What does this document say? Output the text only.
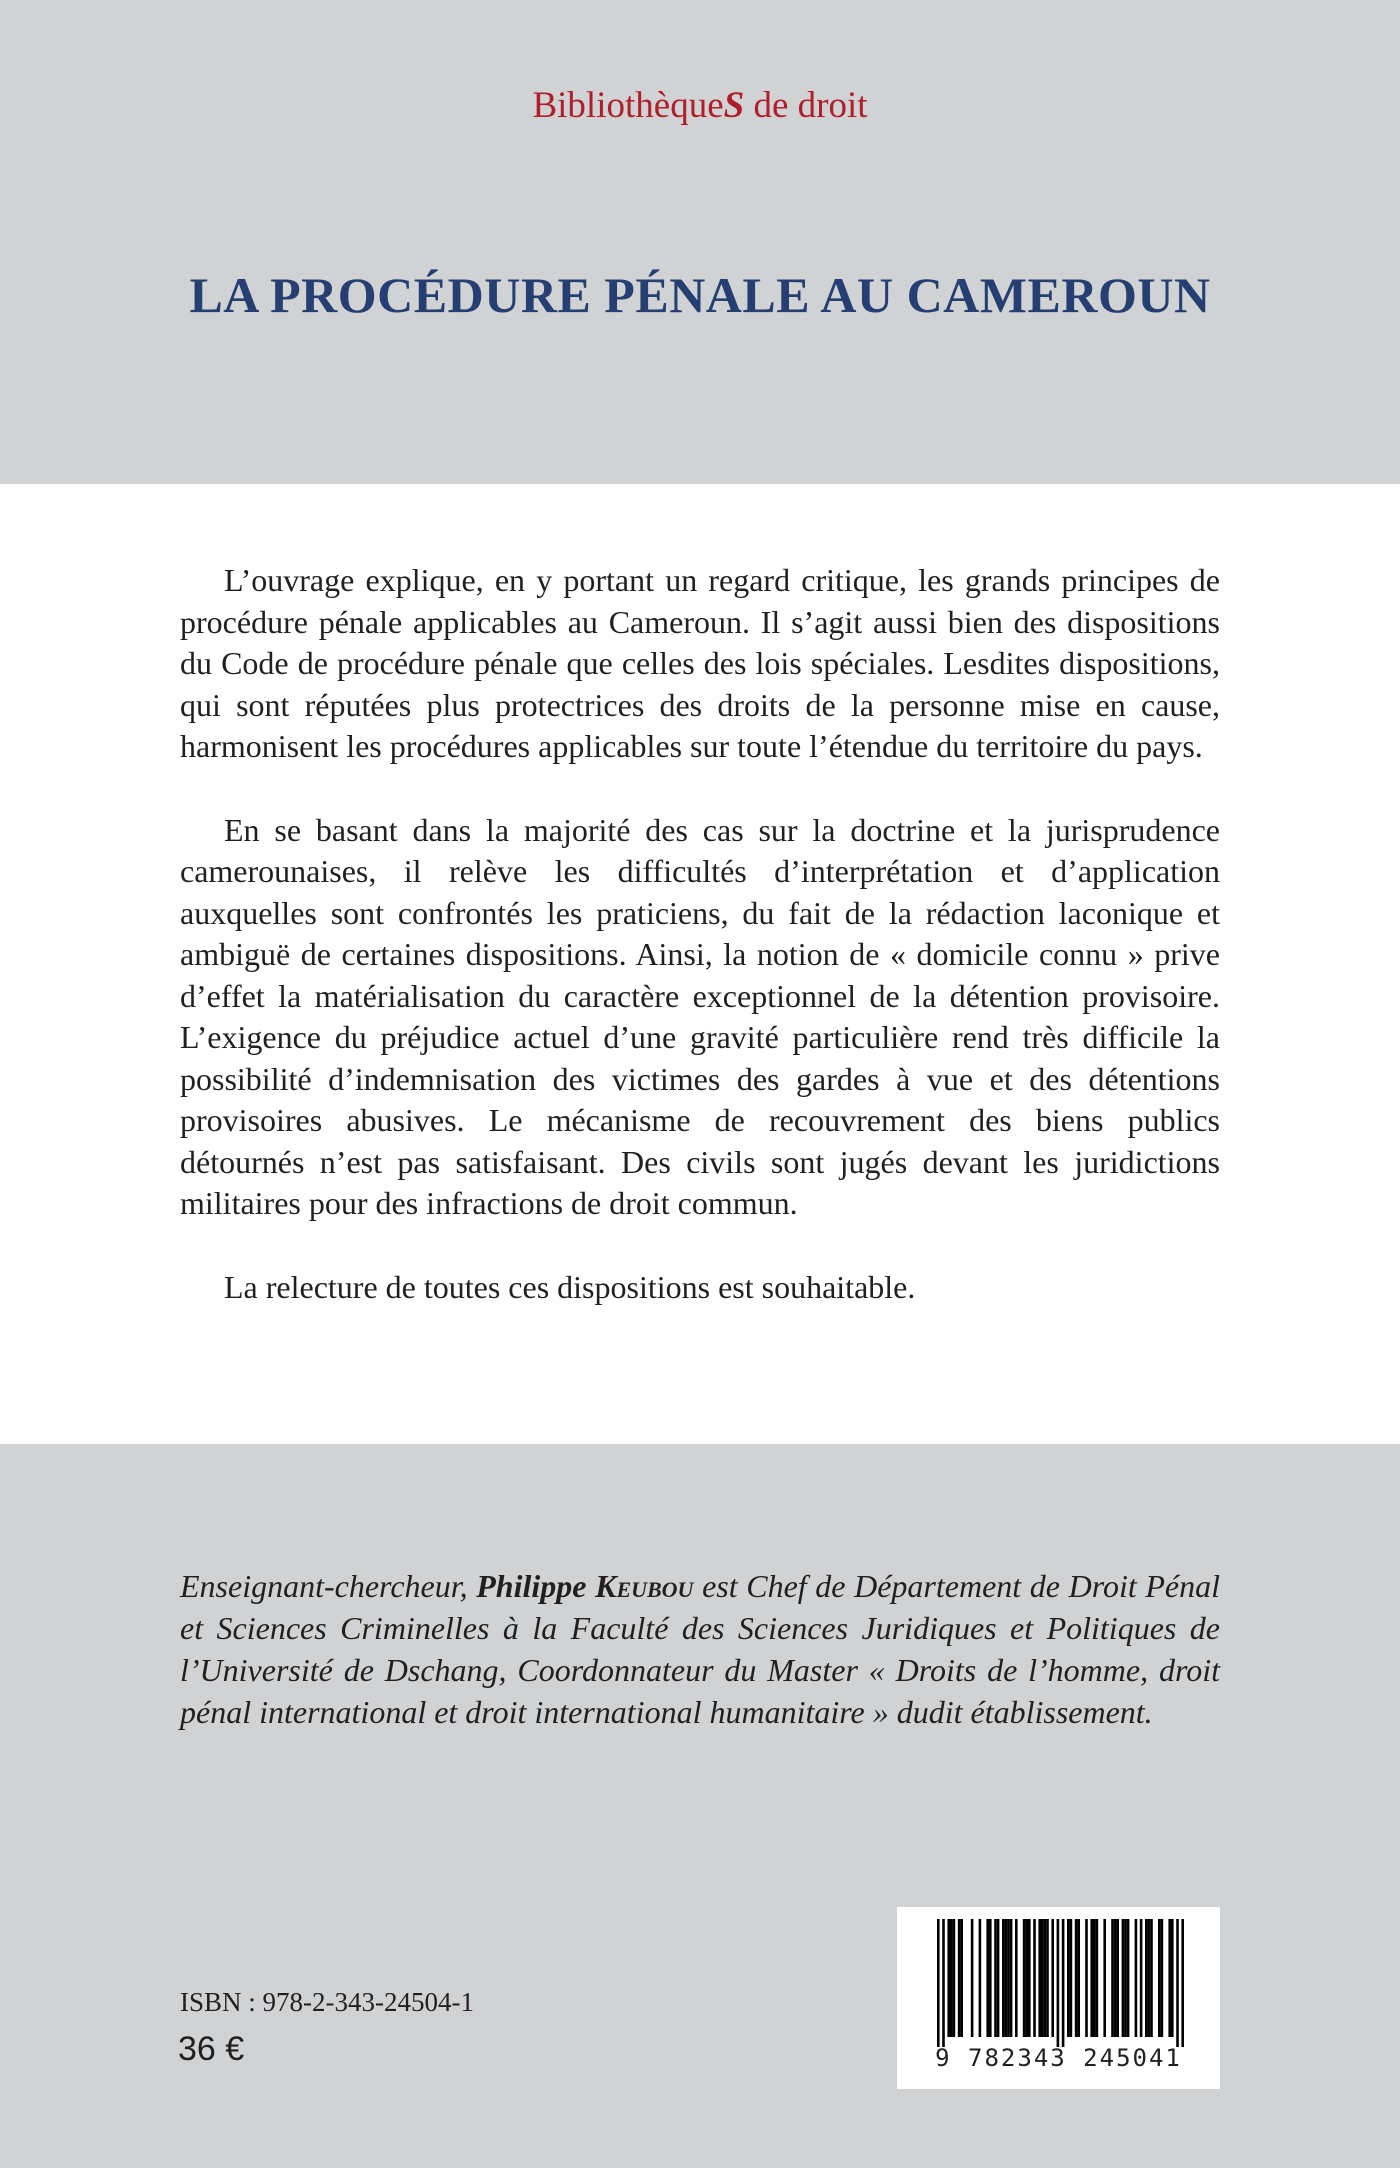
BibliothèqueS de droit
LA PROCÉDURE PÉNALE AU CAMEROUN

L’ouvrage explique, en y portant un regard critique, les grands principes de procédure pénale applicables au Cameroun. Il s’agit aussi bien des dispositions du Code de procédure pénale que celles des lois spéciales. Lesdites dispositions, qui sont réputées plus protectrices des droits de la personne mise en cause, harmonisent les procédures applicables sur toute l’étendue du territoire du pays.

En se basant dans la majorité des cas sur la doctrine et la jurisprudence camerounaises, il relève les difficultés d’interprétation et d’application auxquelles sont confrontés les praticiens, du fait de la rédaction laconique et ambiguë de certaines dispositions. Ainsi, la notion de « domicile connu » prive d’effet la matérialisation du caractère exceptionnel de la détention provisoire. L’exigence du préjudice actuel d’une gravité particulière rend très difficile la possibilité d’indemnisation des victimes des gardes à vue et des détentions provisoires abusives. Le mécanisme de recouvrement des biens publics détournés n’est pas satisfaisant. Des civils sont jugés devant les juridictions militaires pour des infractions de droit commun.

La relecture de toutes ces dispositions est souhaitable.

Enseignant-chercheur, Philippe Keubou est Chef de Département de Droit Pénal et Sciences Criminelles à la Faculté des Sciences Juridiques et Politiques de l’Université de Dschang, Coordonnateur du Master « Droits de l’homme, droit pénal international et droit international humanitaire » dudit établissement.
ISBN : 978-2-343-24504-1
36 €	9 782343 245041
